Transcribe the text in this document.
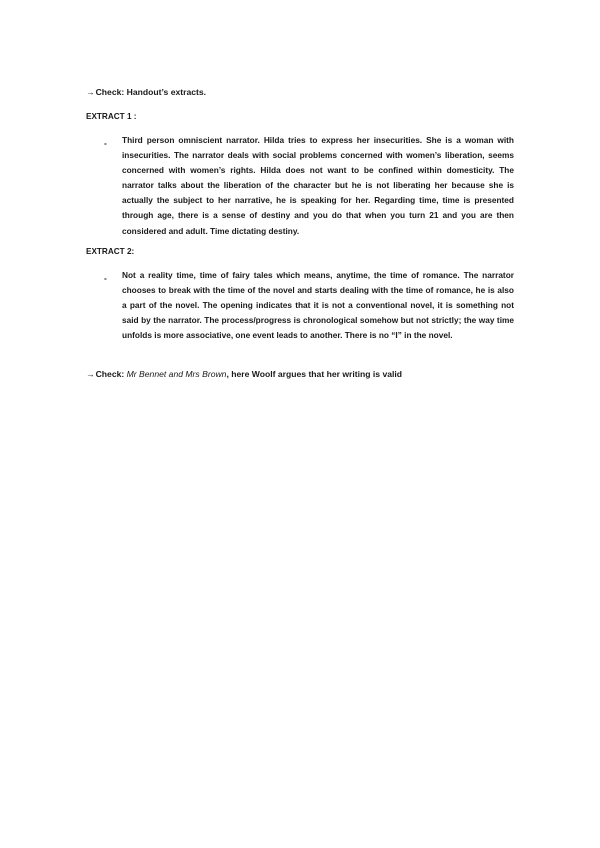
→Check: Handout’s extracts.
EXTRACT 1 :
- Third person omniscient narrator. Hilda tries to express her insecurities. She is a woman with insecurities. The narrator deals with social problems concerned with women’s liberation, seems concerned with women’s rights. Hilda does not want to be confined within domesticity. The narrator talks about the liberation of the character but he is not liberating her because she is actually the subject to her narrative, he is speaking for her. Regarding time, time is presented through age, there is a sense of destiny and you do that when you turn 21 and you are then considered and adult. Time dictating destiny.
EXTRACT 2:
- Not a reality time, time of fairy tales which means, anytime, the time of romance. The narrator chooses to break with the time of the novel and starts dealing with the time of romance, he is also a part of the novel. The opening indicates that it is not a conventional novel, it is something not said by the narrator. The process/progress is chronological somehow but not strictly; the way time unfolds is more associative, one event leads to another. There is no “I” in the novel.
→Check: Mr Bennet and Mrs Brown, here Woolf argues that her writing is valid
